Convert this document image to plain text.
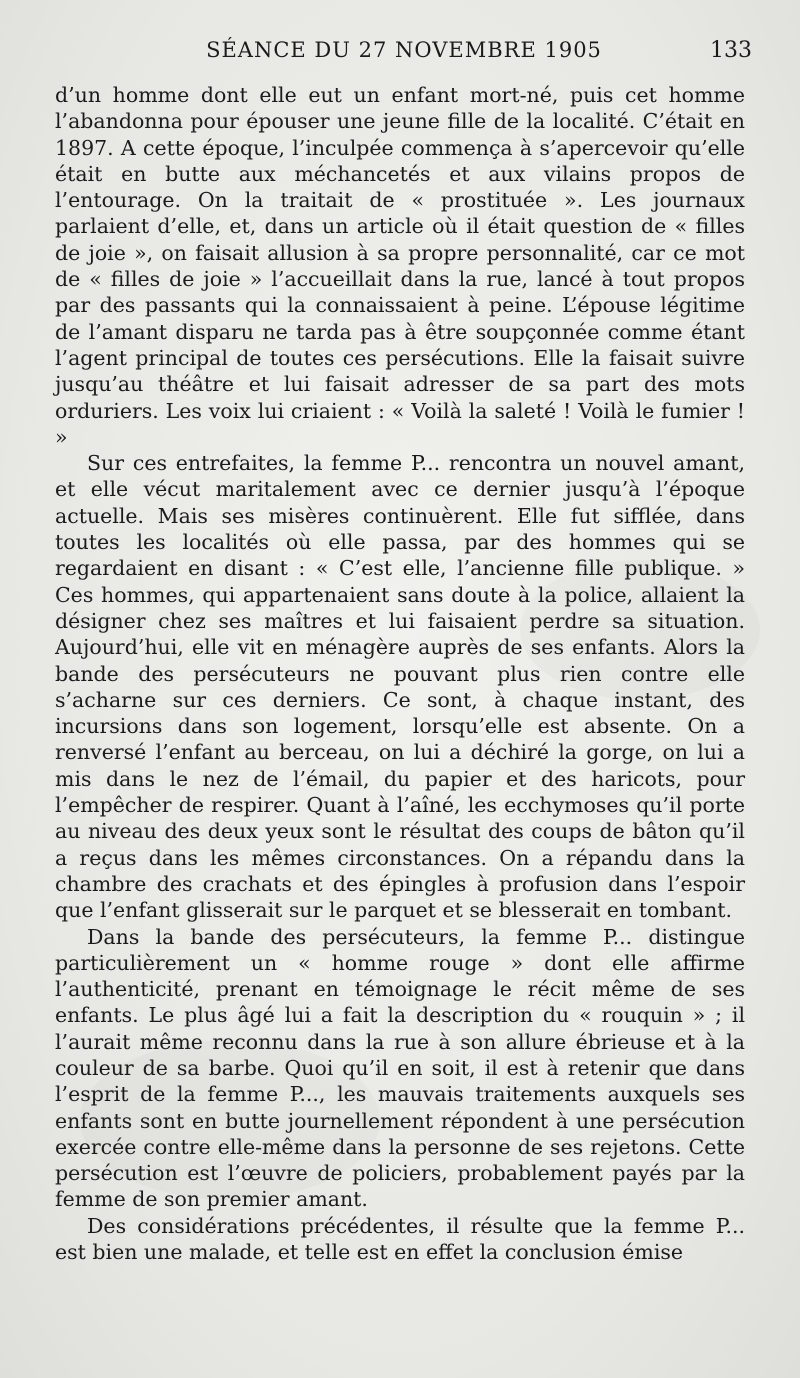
SÉANCE DU 27 NOVEMBRE 1905	133

d’un homme dont elle eut un enfant mort-né, puis cet homme l’abandonna pour épouser une jeune fille de la localité. C’était en 1897. A cette époque, l’inculpée commença à s’apercevoir qu’elle était en butte aux méchancetés et aux vilains propos de l’entourage. On la traitait de « prostituée ». Les journaux parlaient d’elle, et, dans un article où il était question de « filles de joie », on faisait allusion à sa propre personnalité, car ce mot de « filles de joie » l’accueillait dans la rue, lancé à tout propos par des passants qui la connaissaient à peine. L’épouse légitime de l’amant disparu ne tarda pas à être soupçonnée comme étant l’agent principal de toutes ces persécutions. Elle la faisait suivre jusqu’au théâtre et lui faisait adresser de sa part des mots orduriers. Les voix lui criaient : « Voilà la saleté ! Voilà le fumier ! »

Sur ces entrefaites, la femme P... rencontra un nouvel amant, et elle vécut maritalement avec ce dernier jusqu’à l’époque actuelle. Mais ses misères continuèrent. Elle fut sifflée, dans toutes les localités où elle passa, par des hommes qui se regardaient en disant : « C’est elle, l’ancienne fille publique. » Ces hommes, qui appartenaient sans doute à la police, allaient la désigner chez ses maîtres et lui faisaient perdre sa situation. Aujourd’hui, elle vit en ménagère auprès de ses enfants. Alors la bande des persécuteurs ne pouvant plus rien contre elle s’acharne sur ces derniers. Ce sont, à chaque instant, des incursions dans son logement, lorsqu’elle est absente. On a renversé l’enfant au berceau, on lui a déchiré la gorge, on lui a mis dans le nez de l’émail, du papier et des haricots, pour l’empêcher de respirer. Quant à l’aîné, les ecchymoses qu’il porte au niveau des deux yeux sont le résultat des coups de bâton qu’il a reçus dans les mêmes circonstances. On a répandu dans la chambre des crachats et des épingles à profusion dans l’espoir que l’enfant glisserait sur le parquet et se blesserait en tombant.

Dans la bande des persécuteurs, la femme P... distingue particulièrement un « homme rouge » dont elle affirme l’authenticité, prenant en témoignage le récit même de ses enfants. Le plus âgé lui a fait la description du « rouquin » ; il l’aurait même reconnu dans la rue à son allure ébrieuse et à la couleur de sa barbe. Quoi qu’il en soit, il est à retenir que dans l’esprit de la femme P..., les mauvais traitements auxquels ses enfants sont en butte journellement répondent à une persécution exercée contre elle-même dans la personne de ses rejetons. Cette persécution est l’œuvre de policiers, probablement payés par la femme de son premier amant.

Des considérations précédentes, il résulte que la femme P... est bien une malade, et telle est en effet la conclusion émise
